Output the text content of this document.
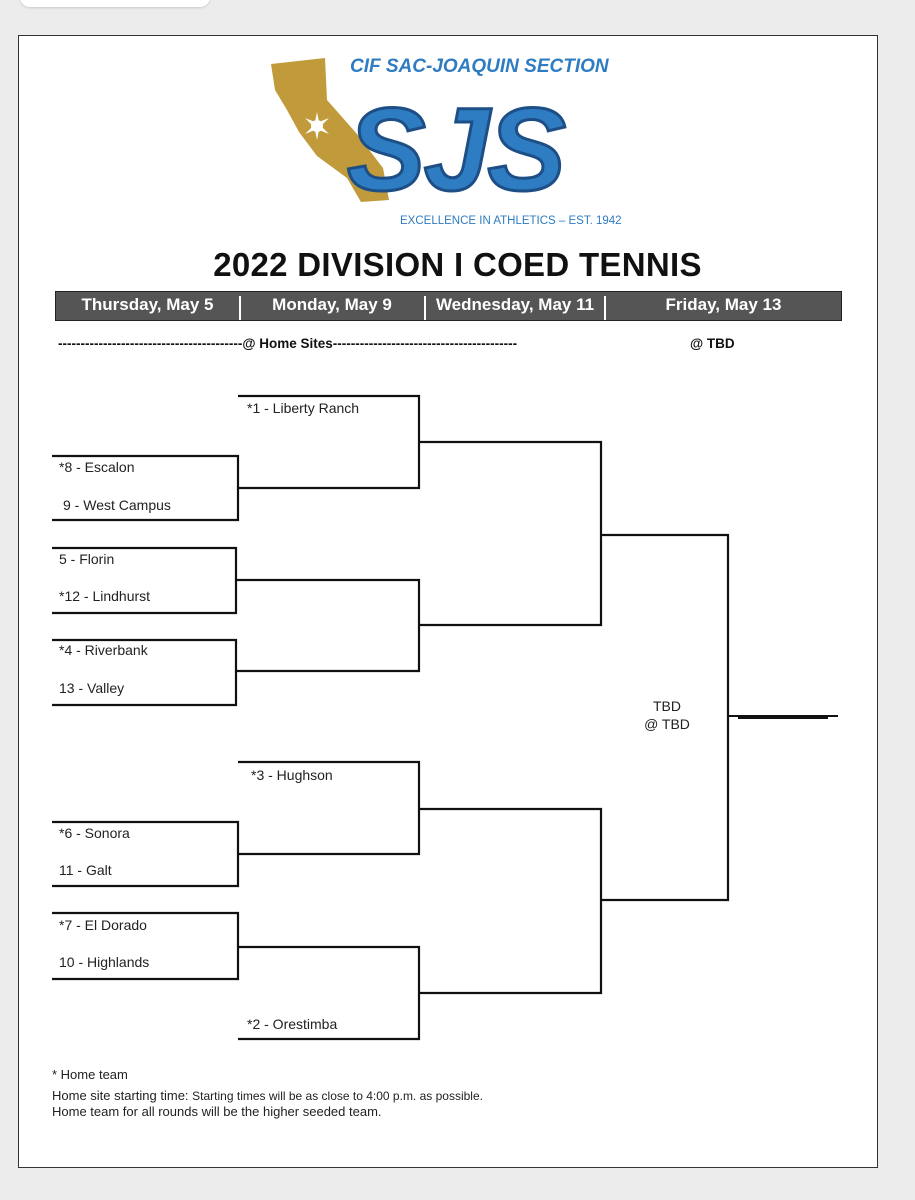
CIF SAC-JOAQUIN SECTION
SJS
EXCELLENCE IN ATHLETICS – EST. 1942
2022 DIVISION I COED TENNIS
Thursday, May 5	Monday, May 9	Wednesday, May 11	Friday, May 13
-----------------------------------------@ Home Sites-----------------------------------------	@ TBD
*1 - Liberty Ranch
*8 - Escalon
9 - West Campus
5 - Florin
*12 - Lindhurst
*4 - Riverbank
13 - Valley
*3 - Hughson
*6 - Sonora
11 - Galt
*7 - El Dorado
10 - Highlands
*2 - Orestimba
TBD
@ TBD
* Home team
Home site starting time: Starting times will be as close to 4:00 p.m. as possible.
Home team for all rounds will be the higher seeded team.
